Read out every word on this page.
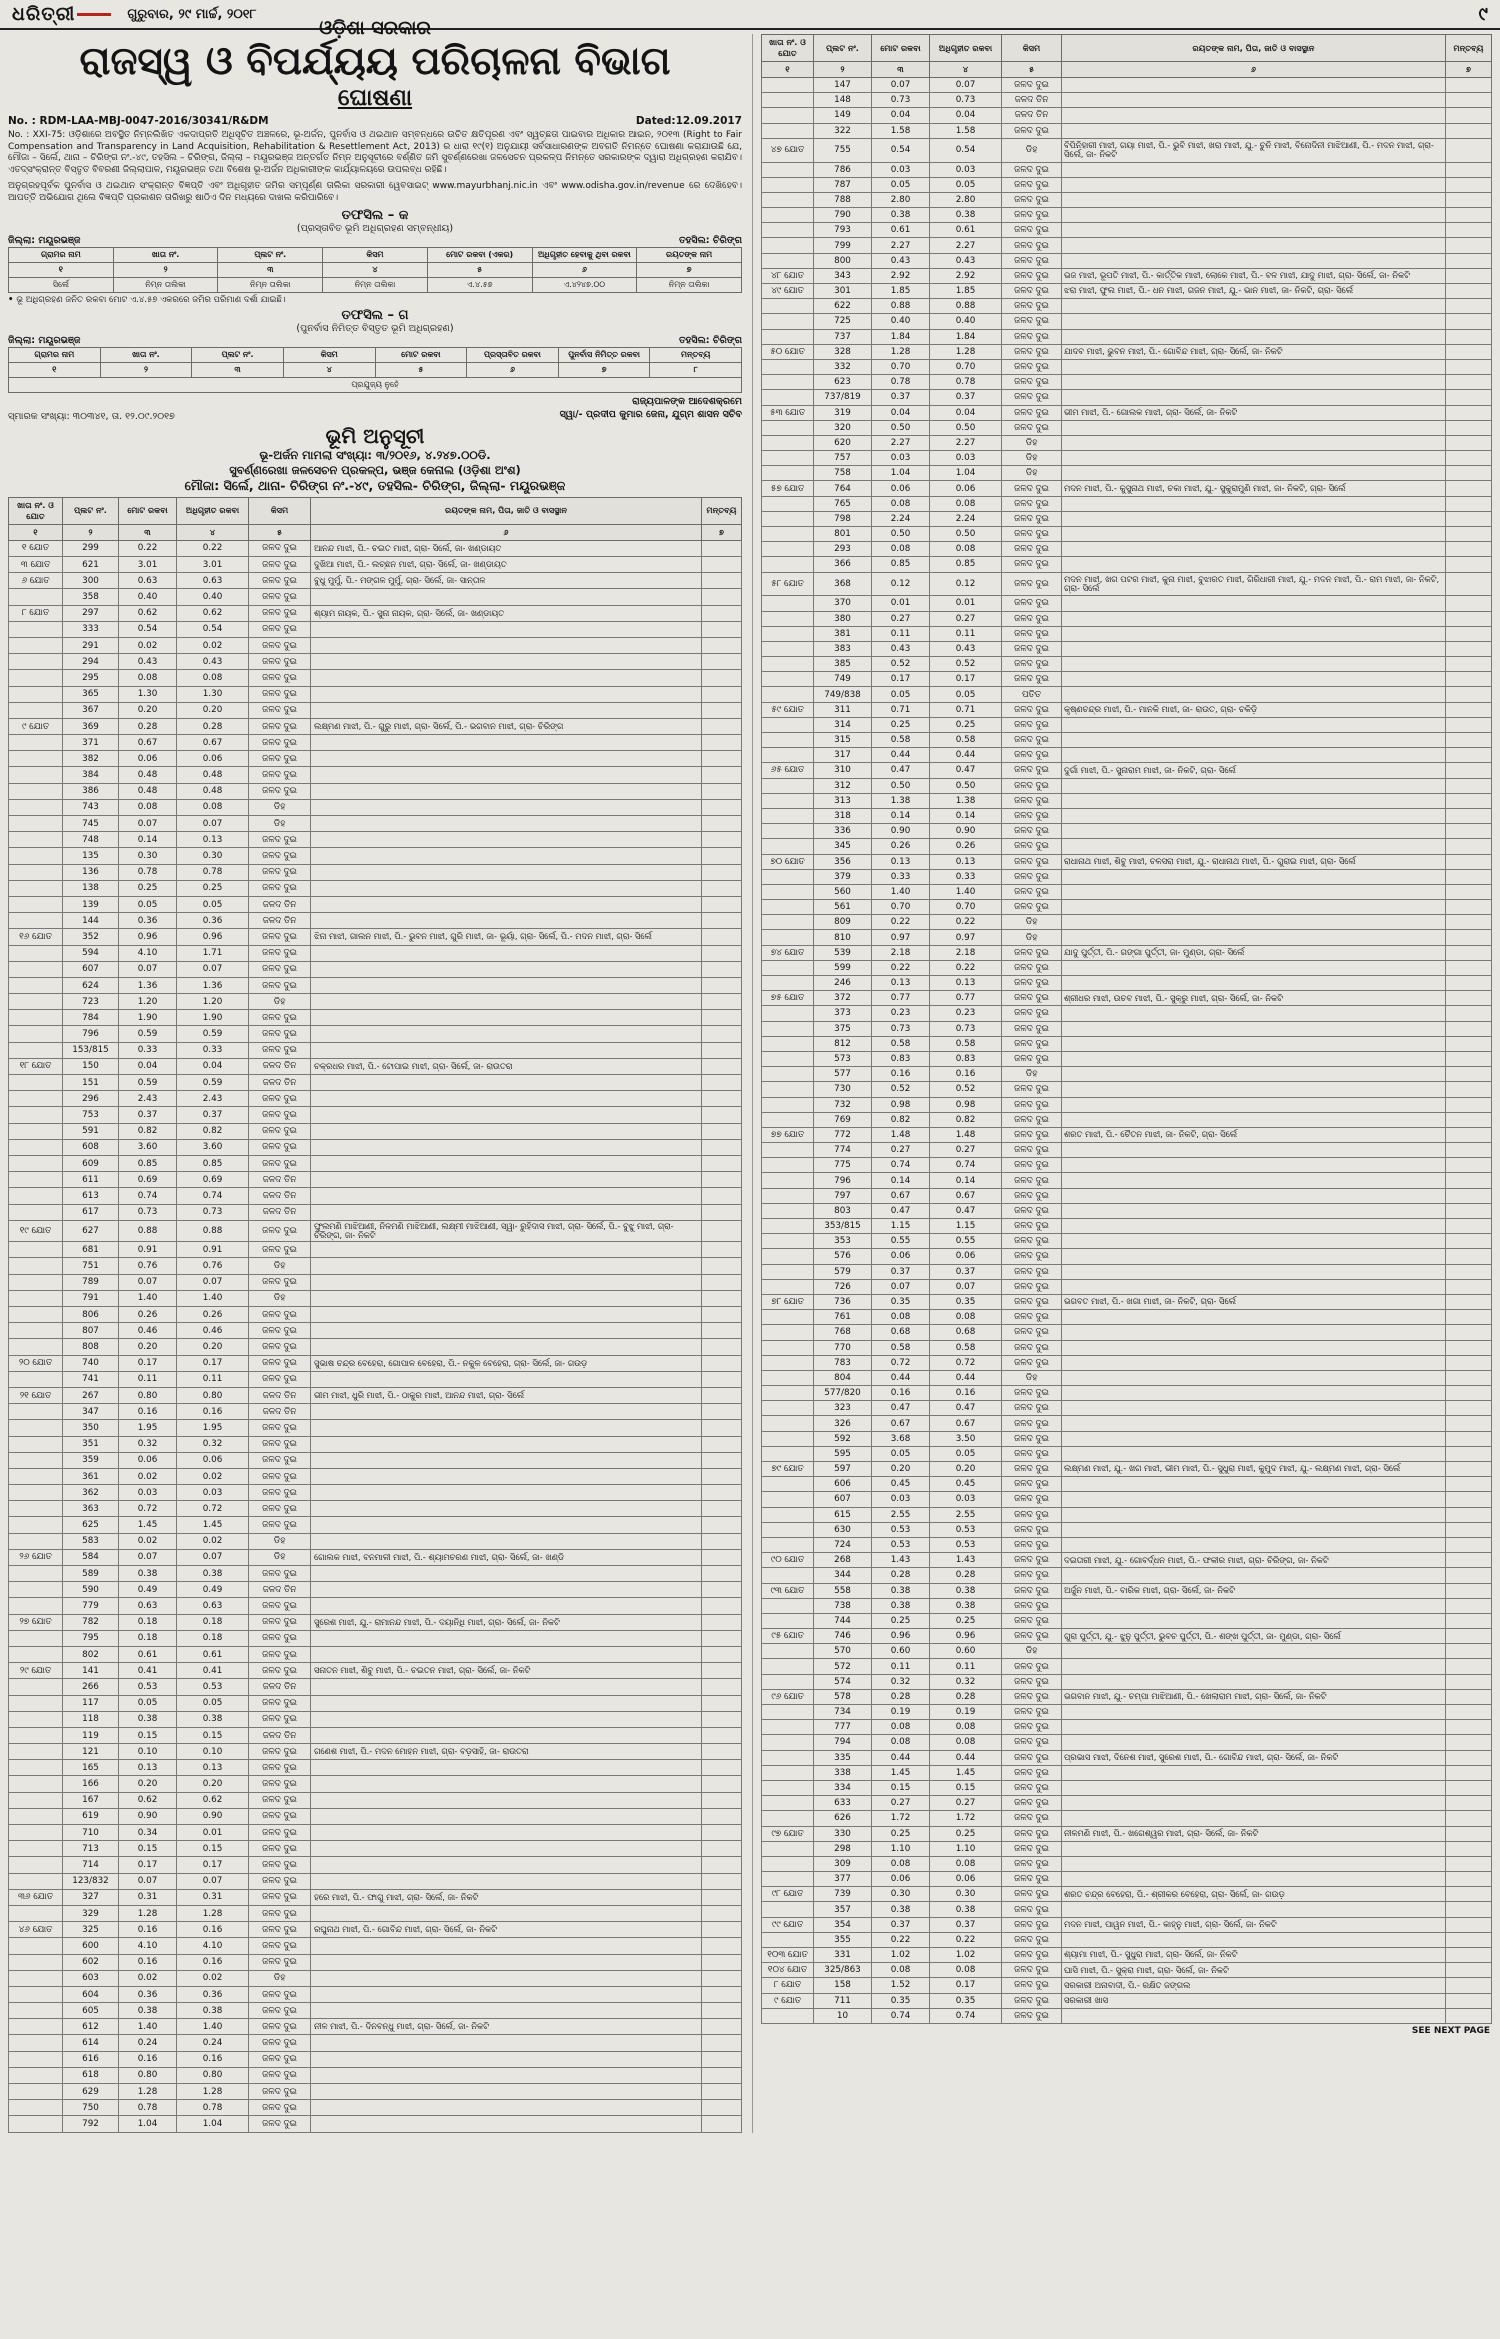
ଧରିତ୍ରୀ	ଗୁରୁବାର, ୨୯ ମାର୍ଚ୍ଚ, ୨୦୧୮	୯
ଓଡ଼ିଶା ସରକାର
ରାଜସ୍ୱ ଓ ବିପର୍ଯ୍ୟୟ ପରିଚାଳନା ବିଭାଗ
ଘୋଷଣା
No. : RDM-LAA-MBJ-0047-2016/30341/R&DM	Dated:12.09.2017

No. : XXI-75: ଓଡ଼ିଶାରେ ଅବସ୍ଥିତ ନିମ୍ନଲିଖିତ ଏକଦାପ୍ରତି ଅଧିସୂଚିତ ଅଞ୍ଚଳରେ, ଭୂ-ଅର୍ଜନ, ପୁନର୍ବାସ ଓ ଥଇଥାନ ସମ୍ବନ୍ଧରେ ଉଚିତ କ୍ଷତିପୂରଣ ଏବଂ ସ୍ୱଚ୍ଛତା ପାଇବାର ଅଧିକାର ଆଇନ, ୨୦୧୩ (Right to Fair Compensation and Transparency in Land Acquisition, Rehabilitation & Resettlement Act, 2013) ର ଧାରା ୧୯(୧) ଅନୁଯାୟୀ ସର୍ବସାଧାରଣଙ୍କ ଅବଗତି ନିମନ୍ତେ ଘୋଷଣା କରାଯାଉଛି ଯେ, ମୌଜା – ସିର୍ଲେ, ଥାନା – ଚିରିଙ୍ଗ ନଂ.-୪୯, ତହସିଲ – ଚିରିଙ୍ଗ, ଜିଲ୍ଲା – ମୟୂରଭଞ୍ଜ ଅନ୍ତର୍ଗତ ନିମ୍ନ ଅନୁସୂଚୀରେ ବର୍ଣ୍ଣିତ ଜମି ସୁବର୍ଣ୍ଣରେଖା ଜଳସେଚନ ପ୍ରକଳ୍ପ ନିମନ୍ତେ ସରକାରଙ୍କ ଦ୍ୱାରା ଅଧିଗ୍ରହଣ କରାଯିବ। ଏତଦ୍‌ସଂକ୍ରାନ୍ତ ବିସ୍ତୃତ ବିବରଣୀ ଜିଲ୍ଲାପାଳ, ମୟୂରଭଞ୍ଜ ତଥା ବିଶେଷ ଭୂ-ଅର୍ଜନ ଅଧିକାରୀଙ୍କ କାର୍ଯ୍ୟାଳୟରେ ଉପଲବ୍ଧ ରହିଛି।

ଅନୁଗ୍ରହପୂର୍ବକ ପୁନର୍ବାସ ଓ ଥଇଥାନ ସଂକ୍ରାନ୍ତ ବିଜ୍ଞପ୍ତି ଏବଂ ଅଧିଗୃହୀତ ଜମିର ସମ୍ପୂର୍ଣ୍ଣ ତାଲିକା ସରକାରୀ ୱେବସାଇଟ୍ www.mayurbhanj.nic.in ଏବଂ www.odisha.gov.in/revenue ରେ ଦେଖିହେବ। ଆପତ୍ତି ଅଭିଯୋଗ ଥିଲେ ବିଜ୍ଞପ୍ତି ପ୍ରକାଶନ ତାରିଖରୁ ଷାଠିଏ ଦିନ ମଧ୍ୟରେ ଦାଖଲ କରିପାରିବେ।

ତଫସିଲ – କ
(ପ୍ରସ୍ତାବିତ ଭୂମି ଅଧିଗ୍ରହଣ ସମ୍ବନ୍ଧୀୟ)
ଜିଲ୍ଲା: ମୟୂରଭଞ୍ଜ	ତହସିଲ: ଚିରିଙ୍ଗ
ଗ୍ରାମର ନାମ	ଖାତା ନଂ.	ପ୍ଲଟ ନଂ.	କିସମ	ମୋଟ ରକବା (ଏକର)	ଅଧିଗୃହୀତ ହେବାକୁ ଥିବା ରକବା	ରୟତଙ୍କ ନାମ
୧	୨	୩	୪	୫	୬	୭
ସିର୍ଲେ	ନିମ୍ନ ତାଲିକା	ନିମ୍ନ ତାଲିକା	ନିମ୍ନ ତାଲିକା	ଏ.୪.୫୭	ଏ.୪୨୪୭.୦୦	ନିମ୍ନ ତାଲିକା
• ଭୂ ଅଧିଗ୍ରହଣ ଜନିତ ରକବା ମୋଟ ଏ.୪.୫୭ ଏକରରେ ଜମିର ପରିମାଣ ଦର୍ଶା ଯାଇଛି।
ତଫସିଲ – ଗ
(ପୁନର୍ବାସ ନିମିତ୍ତ ବିସ୍ତୃତ ଭୂମି ଅଧିଗ୍ରହଣ)
ଜିଲ୍ଲା: ମୟୂରଭଞ୍ଜ	ତହସିଲ: ଚିରିଙ୍ଗ
ଗ୍ରାମର ନାମ	ଖାତା ନଂ.	ପ୍ଲଟ ନଂ.	କିସମ	ମୋଟ ରକବା	ପ୍ରସ୍ତାବିତ ରକବା	ପୁନର୍ବାସ ନିମିତ୍ତ ରକବା	ମନ୍ତବ୍ୟ
୧	୨	୩	୪	୫	୬	୭	୮
ପ୍ରଯୁଜ୍ୟ ନୁହେଁ							
ସ୍ମାରକ ସଂଖ୍ୟା: ୩୦୩୪୧, ତା. ୧୨.୦୯.୨୦୧୭
ରାଜ୍ୟପାଳଙ୍କ ଆଦେଶକ୍ରମେ
ସ୍ୱା/- ପ୍ରଦୀପ କୁମାର ଜେନା, ଯୁଗ୍ମ ଶାସନ ସଚିବ
ଭୂମି ଅନୁସୂଚୀ
ଭୂ-ଅର୍ଜନ ମାମଲା ସଂଖ୍ୟା: ୩/୨୦୧୬, ୪.୨୪୭.୦୦ଡି.
ସୁବର୍ଣ୍ଣରେଖା ଜଳସେଚନ ପ୍ରକଳ୍ପ, ଭଞ୍ଜ କେନାଲ (ଓଡ଼ିଶା ଅଂଶ)
ମୌଜା: ସିର୍ଲେ, ଥାନା- ଚିରିଙ୍ଗ ନଂ.-୪୯, ତହସିଲ- ଚିରିଙ୍ଗ, ଜିଲ୍ଲା- ମୟୂରଭଞ୍ଜ
ଖାତା ନଂ. ଓ ଯୋତ	ପ୍ଲଟ ନଂ.	ମୋଟ ରକବା	ଅଧିଗୃହୀତ ରକବା	କିସମ	ରୟତଙ୍କ ନାମ, ପିତା, ଜାତି ଓ ବାସସ୍ଥାନ	ମନ୍ତବ୍ୟ
୧	୨	୩	୪	୫	୬	୭
୧ ଯୋତ	299	0.22	0.22	ଜଳଦ ଦୁଇ	ଆନନ୍ଦ ମାଝୀ, ପି.- ଚଇତ ମାଝୀ, ଗ୍ରା- ସିର୍ଲେ, ଜା- ଖଣ୍ଡାୟତ	
୩ ଯୋତ	621	3.01	3.01	ଜଳଦ ଦୁଇ	ଦୁଖିଆ ମାଝୀ, ପି.- ଲଚ୍ଛନ ମାଝୀ, ଗ୍ରା- ସିର୍ଲେ, ଜା- ଖଣ୍ଡାୟତ	
୬ ଯୋତ	300	0.63	0.63	ଜଳଦ ଦୁଇ	ବୁଧୁ ମୁର୍ମୁ, ପି.- ମଙ୍ଗଳ ମୁର୍ମୁ, ଗ୍ରା- ସିର୍ଲେ, ଜା- ସାନ୍ତାଳ	
	358	0.40	0.40	ଜଳଦ ଦୁଇ		
୮ ଯୋତ	297	0.62	0.62	ଜଳଦ ଦୁଇ	ଶ୍ୟାମ ନାୟକ, ପି.- ସୁନା ନାୟକ, ଗ୍ରା- ସିର୍ଲେ, ଜା- ଖଣ୍ଡାୟତ	
	333	0.54	0.54	ଜଳଦ ଦୁଇ		
	291	0.02	0.02	ଜଳଦ ଦୁଇ		
	294	0.43	0.43	ଜଳଦ ଦୁଇ		
	295	0.08	0.08	ଜଳଦ ଦୁଇ		
	365	1.30	1.30	ଜଳଦ ଦୁଇ		
	367	0.20	0.20	ଜଳଦ ଦୁଇ		
୯ ଯୋତ	369	0.28	0.28	ଜଳଦ ଦୁଇ	ଲକ୍ଷ୍ମଣ ମାଝୀ, ପି.- ଗୁରୁ ମାଝୀ, ଗ୍ରା- ସିର୍ଲେ, ପି.- ଭଗବାନ ମାଝୀ, ଗ୍ରା- ଚିରିଙ୍ଗ	
	371	0.67	0.67	ଜଳଦ ଦୁଇ		
	382	0.06	0.06	ଜଳଦ ଦୁଇ		
	384	0.48	0.48	ଜଳଦ ଦୁଇ		
	386	0.48	0.48	ଜଳଦ ଦୁଇ		
	743	0.08	0.08	ଡିହ		
	745	0.07	0.07	ଡିହ		
	748	0.14	0.13	ଜଳଦ ଦୁଇ		
	135	0.30	0.30	ଜଳଦ ଦୁଇ		
	136	0.78	0.78	ଜଳଦ ଦୁଇ		
	138	0.25	0.25	ଜଳଦ ଦୁଇ		
	139	0.05	0.05	ଜଳଦ ତିନ		
	144	0.36	0.36	ଜଳଦ ତିନ		
୧୬ ଯୋତ	352	0.96	0.96	ଜଳଦ ଦୁଇ	ଝିନା ମାଝୀ, ଗାଲନ ମାଝୀ, ପି.- ଭୁବନ ମାଝୀ, ଗୁରି ମାଝୀ, ଜା- ଭୂୟାଁ, ଗ୍ରା- ସିର୍ଲେ, ପି.- ମଦନ ମାଝୀ, ଗ୍ରା- ସିର୍ଲେ	
	594	4.10	1.71	ଜଳଦ ଦୁଇ		
	607	0.07	0.07	ଜଳଦ ଦୁଇ		
	624	1.36	1.36	ଜଳଦ ଦୁଇ		
	723	1.20	1.20	ଡିହ		
	784	1.90	1.90	ଜଳଦ ଦୁଇ		
	796	0.59	0.59	ଜଳଦ ଦୁଇ		
	153/815	0.33	0.33	ଜଳଦ ଦୁଇ		
୧୮ ଯୋତ	150	0.04	0.04	ଜଳଦ ତିନ	ଚକ୍ରଧର ମାଝୀ, ପି.- ଟୋପାଇ ମାଝୀ, ଗ୍ରା- ସିର୍ଲେ, ଜା- ରାଉତରା	
	151	0.59	0.59	ଜଳଦ ତିନ		
	296	2.43	2.43	ଜଳଦ ଦୁଇ		
	753	0.37	0.37	ଜଳଦ ଦୁଇ		
	591	0.82	0.82	ଜଳଦ ଦୁଇ		
	608	3.60	3.60	ଜଳଦ ଦୁଇ		
	609	0.85	0.85	ଜଳଦ ଦୁଇ		
	611	0.69	0.69	ଜଳଦ ତିନ		
	613	0.74	0.74	ଜଳଦ ତିନ		
	617	0.73	0.73	ଜଳଦ ତିନ		
୧୯ ଯୋତ	627	0.88	0.88	ଜଳଦ ଦୁଇ	ଫୁଲମଣି ମାଝିଆଣୀ, ନିଳମଣି ମାଝିଆଣୀ, ଲକ୍ଷ୍ମୀ ମାଝିଆଣୀ, ସ୍ୱା- ରୁହିଦାସ ମାଝୀ, ଗ୍ରା- ସିର୍ଲେ, ପି.- ବୁଝୁ ମାଝୀ, ଗ୍ରା- ଚିରିଙ୍ଗ, ଜା- ନିକଟି	
	681	0.91	0.91	ଜଳଦ ଦୁଇ		
	751	0.76	0.76	ଡିହ		
	789	0.07	0.07	ଜଳଦ ଦୁଇ		
	791	1.40	1.40	ଡିହ		
	806	0.26	0.26	ଜଳଦ ଦୁଇ		
	807	0.46	0.46	ଜଳଦ ଦୁଇ		
	808	0.20	0.20	ଜଳଦ ଦୁଇ		
୨୦ ଯୋତ	740	0.17	0.17	ଜଳଦ ଦୁଇ	ସୁଭାଷ ଚନ୍ଦ୍ର ବେହେରା, ଗୋପାଳ ବେହେରା, ପି.- ନକୁଳ ବେହେରା, ଗ୍ରା- ସିର୍ଲେ, ଜା- ଗଉଡ଼	
	741	0.11	0.11	ଜଳଦ ଦୁଇ		
୨୧ ଯୋତ	267	0.80	0.80	ଜଳଦ ତିନ	ଭୀମ ମାଝୀ, ଧୁରି ମାଝୀ, ପି.- ଠାକୁର ମାଝୀ, ଆନନ୍ଦ ମାଝୀ, ଗ୍ରା- ସିର୍ଲେ	
	347	0.16	0.16	ଜଳଦ ତିନ		
	350	1.95	1.95	ଜଳଦ ଦୁଇ		
	351	0.32	0.32	ଜଳଦ ଦୁଇ		
	359	0.06	0.06	ଜଳଦ ଦୁଇ		
	361	0.02	0.02	ଜଳଦ ଦୁଇ		
	362	0.03	0.03	ଜଳଦ ଦୁଇ		
	363	0.72	0.72	ଜଳଦ ଦୁଇ		
	625	1.45	1.45	ଜଳଦ ଦୁଇ		
	583	0.02	0.02	ଡିହ		
୨୬ ଯୋତ	584	0.07	0.07	ଡିହ	ଗୋଲକ ମାଝୀ, ବନମାଳୀ ମାଝୀ, ପି.- ଶ୍ୟାମଚରଣ ମାଝୀ, ଗ୍ରା- ସିର୍ଲେ, ଜା- ଖଣ୍ଡି	
	589	0.38	0.38	ଜଳଦ ଦୁଇ		
	590	0.49	0.49	ଜଳଦ ତିନ		
	779	0.63	0.63	ଜଳଦ ଦୁଇ		
୨୭ ଯୋତ	782	0.18	0.18	ଜଳଦ ଦୁଇ	ସୁରେଶ ମାଝୀ, ଯୁ.- ରାମାନନ୍ଦ ମାଝୀ, ପି.- ଦୟାନିଧି ମାଝୀ, ଗ୍ରା- ସିର୍ଲେ, ଜା- ନିକଟି	
	795	0.18	0.18	ଜଳଦ ଦୁଇ		
	802	0.61	0.61	ଜଳଦ ଦୁଇ		
୨୯ ଯୋତ	141	0.41	0.41	ଜଳଦ ଦୁଇ	ସନାତନ ମାଝୀ, ଶିବୁ ମାଝୀ, ପି.- ଚଇତନ ମାଝୀ, ଗ୍ରା- ସିର୍ଲେ, ଜା- ନିକଟି	
	266	0.53	0.53	ଜଳଦ ତିନ		
	117	0.05	0.05	ଜଳଦ ଦୁଇ		
	118	0.38	0.38	ଜଳଦ ଦୁଇ		
	119	0.15	0.15	ଜଳଦ ତିନ		
	121	0.10	0.10	ଜଳଦ ଦୁଇ	ଗଣେଶ ମାଝୀ, ପି.- ମଦନ ମୋହନ ମାଝୀ, ଗ୍ରା- ବଡ଼ସାହି, ଜା- ରାଉତରା	
	165	0.13	0.13	ଜଳଦ ଦୁଇ		
	166	0.20	0.20	ଜଳଦ ଦୁଇ		
	167	0.62	0.62	ଜଳଦ ଦୁଇ		
	619	0.90	0.90	ଜଳଦ ଦୁଇ		
	710	0.34	0.01	ଜଳଦ ଦୁଇ		
	713	0.15	0.15	ଜଳଦ ଦୁଇ		
	714	0.17	0.17	ଜଳଦ ଦୁଇ		
	123/832	0.07	0.07	ଜଳଦ ଦୁଇ		
୩୬ ଯୋତ	327	0.31	0.31	ଜଳଦ ଦୁଇ	ହରେ ମାଝୀ, ପି.- ଫାଗୁ ମାଝୀ, ଗ୍ରା- ସିର୍ଲେ, ଜା- ନିକଟି	
	329	1.28	1.28	ଜଳଦ ଦୁଇ		
୪୬ ଯୋତ	325	0.16	0.16	ଜଳଦ ଦୁଇ	ରଘୁନାଥ ମାଝୀ, ପି.- ଗୋବିନ୍ଦ ମାଝୀ, ଗ୍ରା- ସିର୍ଲେ, ଜା- ନିକଟି	
	600	4.10	4.10	ଜଳଦ ଦୁଇ		
	602	0.16	0.16	ଜଳଦ ଦୁଇ		
	603	0.02	0.02	ଡିହ		
	604	0.36	0.36	ଜଳଦ ଦୁଇ		
	605	0.38	0.38	ଜଳଦ ଦୁଇ		
	612	1.40	1.40	ଜଳଦ ଦୁଇ	ନୀଳ ମାଝୀ, ପି.- ଦିନବନ୍ଧୁ ମାଝୀ, ଗ୍ରା- ସିର୍ଲେ, ଜା- ନିକଟି	
	614	0.24	0.24	ଜଳଦ ଦୁଇ		
	616	0.16	0.16	ଜଳଦ ଦୁଇ		
	618	0.80	0.80	ଜଳଦ ଦୁଇ		
	629	1.28	1.28	ଜଳଦ ଦୁଇ		
	750	0.78	0.78	ଜଳଦ ଦୁଇ		
	792	1.04	1.04	ଜଳଦ ଦୁଇ		
ଖାତା ନଂ. ଓ ଯୋତ	ପ୍ଲଟ ନଂ.	ମୋଟ ରକବା	ଅଧିଗୃହୀତ ରକବା	କିସମ	ରୟତଙ୍କ ନାମ, ପିତା, ଜାତି ଓ ବାସସ୍ଥାନ	ମନ୍ତବ୍ୟ
୧	୨	୩	୪	୫	୬	୭
	147	0.07	0.07	ଜଳଦ ଦୁଇ		
	148	0.73	0.73	ଜଳଦ ତିନ		
	149	0.04	0.04	ଜଳଦ ତିନ		
	322	1.58	1.58	ଜଳଦ ଦୁଇ		
୪୭ ଯୋତ	755	0.54	0.54	ଡିହ	ବିପିନିହାରୀ ମାଝୀ, ଗୟା ମାଝୀ, ପି.- ଭୁବି ମାଝୀ, ଖରା ମାଝୀ, ଯୁ.- ଚୁନି ମାଝୀ, ବିନୋଦିନୀ ମାଝିଆଣୀ, ପି.- ମଦନ ମାଝୀ, ଗ୍ରା- ସିର୍ଲେ, ଜା- ନିକଟି	
	786	0.03	0.03	ଜଳଦ ଦୁଇ		
	787	0.05	0.05	ଜଳଦ ଦୁଇ		
	788	2.80	2.80	ଜଳଦ ଦୁଇ		
	790	0.38	0.38	ଜଳଦ ଦୁଇ		
	793	0.61	0.61	ଜଳଦ ଦୁଇ		
	799	2.27	2.27	ଜଳଦ ଦୁଇ		
	800	0.43	0.43	ଜଳଦ ଦୁଇ		
୪୮ ଯୋତ	343	2.92	2.92	ଜଳଦ ଦୁଇ	ଭଜ ମାଝୀ, ଭୂପତି ମାଝୀ, ପି.- କାର୍ତ୍ତିକ ମାଝୀ, ଲୋକେ ମାଝୀ, ପି.- ବଳ ମାଝୀ, ଯାଦୁ ମାଝୀ, ଗ୍ରା- ସିର୍ଲେ, ଜା- ନିକଟି	
୪୯ ଯୋତ	301	1.85	1.85	ଜଳଦ ଦୁଇ	ଝରା ମାଝୀ, ଫୁଲ ମାଝୀ, ପି.- ଧନ ମାଝୀ, ଗଜନ ମାଝୀ, ଯୁ.- ଭାନ ମାଝୀ, ଜା- ନିକଟି, ଗ୍ରା- ସିର୍ଲେ	
	622	0.88	0.88	ଜଳଦ ଦୁଇ		
	725	0.40	0.40	ଜଳଦ ଦୁଇ		
	737	1.84	1.84	ଜଳଦ ଦୁଇ		
୫୦ ଯୋତ	328	1.28	1.28	ଜଳଦ ଦୁଇ	ଯାଦବ ମାଝୀ, ଭୁବନ ମାଝୀ, ପି.- ଗୋବିନ୍ଦ ମାଝୀ, ଗ୍ରା- ସିର୍ଲେ, ଜା- ନିକଟି	
	332	0.70	0.70	ଜଳଦ ଦୁଇ		
	623	0.78	0.78	ଜଳଦ ଦୁଇ		
	737/819	0.37	0.37	ଜଳଦ ଦୁଇ		
୫୩ ଯୋତ	319	0.04	0.04	ଜଳଦ ଦୁଇ	ଭୀମ ମାଝୀ, ପି.- ଗୋଲକ ମାଝୀ, ଗ୍ରା- ସିର୍ଲେ, ଜା- ନିକଟି	
	320	0.50	0.50	ଜଳଦ ଦୁଇ		
	620	2.27	2.27	ଡିହ		
	757	0.03	0.03	ଡିହ		
	758	1.04	1.04	ଡିହ		
୫୭ ଯୋତ	764	0.06	0.06	ଜଳଦ ଦୁଇ	ମଦନ ମାଝୀ, ପି.- କୁସୁନାଥ ମାଝୀ, ଚକା ମାଝୀ, ଯୁ.- ସୁକୁରାମୁଣି ମାଝୀ, ଜା- ନିକଟି, ଗ୍ରା- ସିର୍ଲେ	
	765	0.08	0.08	ଜଳଦ ଦୁଇ		
	798	2.24	2.24	ଜଳଦ ଦୁଇ		
	801	0.50	0.50	ଜଳଦ ଦୁଇ		
	293	0.08	0.08	ଜଳଦ ଦୁଇ		
	366	0.85	0.85	ଜଳଦ ଦୁଇ		
୫୮ ଯୋତ	368	0.12	0.12	ଜଳଦ ଦୁଇ	ମଦନ ମାଝୀ, ଖଗ ପଟର ମାଝୀ, କୁନା ମାଝୀ, ବୁଝାରତ ମାଝୀ, ଗିରିଧାରୀ ମାଝୀ, ଯୁ.- ମଦନ ମାଝୀ, ପି.- ରାମ ମାଝୀ, ଜା- ନିକଟି, ଗ୍ରା- ସିର୍ଲେ	
	370	0.01	0.01	ଜଳଦ ଦୁଇ		
	380	0.27	0.27	ଜଳଦ ଦୁଇ		
	381	0.11	0.11	ଜଳଦ ଦୁଇ		
	383	0.43	0.43	ଜଳଦ ଦୁଇ		
	385	0.52	0.52	ଜଳଦ ଦୁଇ		
	749	0.17	0.17	ଜଳଦ ଦୁଇ		
	749/838	0.05	0.05	ପତିତ		
୫୯ ଯୋତ	311	0.71	0.71	ଜଳଦ ଦୁଇ	କୃଷ୍ଣଚନ୍ଦ୍ର ମାଝୀ, ପି.- ମାନକି ମାଝୀ, ଜା- ରାଉତ, ଗ୍ରା- ଚକିଡ଼ି	
	314	0.25	0.25	ଜଳଦ ଦୁଇ		
	315	0.58	0.58	ଜଳଦ ଦୁଇ		
	317	0.44	0.44	ଜଳଦ ଦୁଇ		
୬୫ ଯୋତ	310	0.47	0.47	ଜଳଦ ଦୁଇ	ଦୁର୍ଗା ମାଝୀ, ପି.- ସୁନାରାମ ମାଝୀ, ଜା- ନିକଟି, ଗ୍ରା- ସିର୍ଲେ	
	312	0.50	0.50	ଜଳଦ ଦୁଇ		
	313	1.38	1.38	ଜଳଦ ଦୁଇ		
	318	0.14	0.14	ଜଳଦ ଦୁଇ		
	336	0.90	0.90	ଜଳଦ ଦୁଇ		
	345	0.26	0.26	ଜଳଦ ଦୁଇ		
୭୦ ଯୋତ	356	0.13	0.13	ଜଳଦ ଦୁଇ	ରାଧାନାଥ ମାଝୀ, ଶିବୁ ମାଝୀ, ଚଳସରା ମାଝୀ, ଯୁ.- ରାଧାନାଥ ମାଝୀ, ପି.- ଗୁରାଇ ମାଝୀ, ଗ୍ରା- ସିର୍ଲେ	
	379	0.33	0.33	ଜଳଦ ଦୁଇ		
	560	1.40	1.40	ଜଳଦ ଦୁଇ		
	561	0.70	0.70	ଜଳଦ ଦୁଇ		
	809	0.22	0.22	ଡିହ		
	810	0.97	0.97	ଡିହ		
୭୪ ଯୋତ	539	2.18	2.18	ଜଳଦ ଦୁଇ	ଯାଦୁ ପୁର୍ତ୍ତୀ, ପି.- ଗଙ୍ଗା ପୁର୍ତ୍ତୀ, ଜା- ମୁଣ୍ଡା, ଗ୍ରା- ସିର୍ଲେ	
	599	0.22	0.22	ଜଳଦ ଦୁଇ		
	246	0.13	0.13	ଜଳଦ ଦୁଇ		
୭୫ ଯୋତ	372	0.77	0.77	ଜଳଦ ଦୁଇ	ଶ୍ରୀଧର ମାଝୀ, ଉଚବ ମାଝୀ, ପି.- ସୁକ୍ରୁ ମାଝୀ, ଗ୍ରା- ସିର୍ଲେ, ଜା- ନିକଟି	
	373	0.23	0.23	ଜଳଦ ଦୁଇ		
	375	0.73	0.73	ଜଳଦ ଦୁଇ		
	812	0.58	0.58	ଜଳଦ ଦୁଇ		
	573	0.83	0.83	ଜଳଦ ଦୁଇ		
	577	0.16	0.16	ଡିହ		
	730	0.52	0.52	ଜଳଦ ଦୁଇ		
	732	0.98	0.98	ଜଳଦ ଦୁଇ		
	769	0.82	0.82	ଜଳଦ ଦୁଇ		
୭୭ ଯୋତ	772	1.48	1.48	ଜଳଦ ଦୁଇ	ଶରତ ମାଝୀ, ପି.- ଚୈତନ ମାଝୀ, ଜା- ନିକଟି, ଗ୍ରା- ସିର୍ଲେ	
	774	0.27	0.27	ଜଳଦ ଦୁଇ		
	775	0.74	0.74	ଜଳଦ ଦୁଇ		
	796	0.14	0.14	ଜଳଦ ଦୁଇ		
	797	0.67	0.67	ଜଳଦ ଦୁଇ		
	803	0.47	0.47	ଜଳଦ ଦୁଇ		
	353/815	1.15	1.15	ଜଳଦ ଦୁଇ		
	353	0.55	0.55	ଜଳଦ ଦୁଇ		
	576	0.06	0.06	ଜଳଦ ଦୁଇ		
	579	0.37	0.37	ଜଳଦ ଦୁଇ		
	726	0.07	0.07	ଜଳଦ ଦୁଇ		
୭୮ ଯୋତ	736	0.35	0.35	ଜଳଦ ଦୁଇ	ଭଗବତ ମାଝୀ, ପି.- ଖଗା ମାଝୀ, ଜା- ନିକଟି, ଗ୍ରା- ସିର୍ଲେ	
	761	0.08	0.08	ଜଳଦ ଦୁଇ		
	768	0.68	0.68	ଜଳଦ ଦୁଇ		
	770	0.58	0.58	ଜଳଦ ଦୁଇ		
	783	0.72	0.72	ଜଳଦ ଦୁଇ		
	804	0.44	0.44	ଡିହ		
	577/820	0.16	0.16	ଜଳଦ ଦୁଇ		
	323	0.47	0.47	ଜଳଦ ଦୁଇ		
	326	0.67	0.67	ଜଳଦ ଦୁଇ		
	592	3.68	3.50	ଜଳଦ ଦୁଇ		
	595	0.05	0.05	ଜଳଦ ଦୁଇ		
୭୯ ଯୋତ	597	0.20	0.20	ଜଳଦ ଦୁଇ	ଲକ୍ଷ୍ମଣ ମାଝୀ, ଯୁ.- ଖଗ ମାଝୀ, ଭୀମ ମାଝୀ, ପି.- ସୁଧୁରା ମାଝୀ, କୁମୁଦ ମାଝୀ, ଯୁ.- ଲକ୍ଷ୍ମଣ ମାଝୀ, ଗ୍ରା- ସିର୍ଲେ	
	606	0.45	0.45	ଜଳଦ ଦୁଇ		
	607	0.03	0.03	ଜଳଦ ଦୁଇ		
	615	2.55	2.55	ଜଳଦ ଦୁଇ		
	630	0.53	0.53	ଜଳଦ ଦୁଇ		
	724	0.53	0.53	ଜଳଦ ଦୁଇ		
୯୦ ଯୋତ	268	1.43	1.43	ଜଳଦ ଦୁଇ	ଦଇତାରୀ ମାଝୀ, ଯୁ.- ଗୋବର୍ଦ୍ଧନ ମାଝୀ, ପି.- ଫକୀର ମାଝୀ, ଗ୍ରା- ଚିରିଙ୍ଗ, ଜା- ନିକଟି	
	344	0.28	0.28	ଜଳଦ ଦୁଇ		
୯୩ ଯୋତ	558	0.38	0.38	ଜଳଦ ଦୁଇ	ଅର୍ଜୁନ ମାଝୀ, ପି.- ବାରିକ ମାଝୀ, ଗ୍ରା- ସିର୍ଲେ, ଜା- ନିକଟି	
	738	0.38	0.38	ଜଳଦ ଦୁଇ		
	744	0.25	0.25	ଜଳଦ ଦୁଇ		
୯୫ ଯୋତ	746	0.96	0.96	ଜଳଦ ଦୁଇ	ଗୁରା ପୁର୍ତ୍ତୀ, ଯୁ.- ଝୁନୁ ପୁର୍ତ୍ତୀ, ଭୁବଚ ପୁର୍ତ୍ତୀ, ପି.- ଶଙ୍ଖ ପୁର୍ତ୍ତୀ, ଜା- ମୁଣ୍ଡା, ଗ୍ରା- ସିର୍ଲେ	
	570	0.60	0.60	ଡିହ		
	572	0.11	0.11	ଜଳଦ ଦୁଇ		
	574	0.32	0.32	ଜଳଦ ଦୁଇ		
୯୬ ଯୋତ	578	0.28	0.28	ଜଳଦ ଦୁଇ	ଭଗବାନ ମାଝୀ, ଯୁ.- ଚମ୍ପା ମାଝିଆଣୀ, ପି.- ଖେଲାରାମ ମାଝୀ, ଗ୍ରା- ସିର୍ଲେ, ଜା- ନିକଟି	
	734	0.19	0.19	ଜଳଦ ଦୁଇ		
	777	0.08	0.08	ଜଳଦ ଦୁଇ		
	794	0.08	0.08	ଜଳଦ ଦୁଇ		
	335	0.44	0.44	ଜଳଦ ଦୁଇ	ପ୍ରଭାସ ମାଝୀ, ଦିନେଶ ମାଝୀ, ସୁରେଶ ମାଝୀ, ପି.- ଗୋବିନ୍ଦ ମାଝୀ, ଗ୍ରା- ସିର୍ଲେ, ଜା- ନିକଟି	
	338	1.45	1.45	ଜଳଦ ଦୁଇ		
	334	0.15	0.15	ଜଳଦ ଦୁଇ		
	633	0.27	0.27	ଜଳଦ ଦୁଇ		
	626	1.72	1.72	ଜଳଦ ଦୁଇ		
୯୭ ଯୋତ	330	0.25	0.25	ଜଳଦ ଦୁଇ	ନୀଳମଣି ମାଝୀ, ପି.- ଖଗେଶ୍ୱର ମାଝୀ, ଗ୍ରା- ସିର୍ଲେ, ଜା- ନିକଟି	
	298	1.10	1.10	ଜଳଦ ଦୁଇ		
	309	0.08	0.08	ଜଳଦ ଦୁଇ		
	377	0.06	0.06	ଜଳଦ ଦୁଇ		
୯୮ ଯୋତ	739	0.30	0.30	ଜଳଦ ଦୁଇ	ଶରତ ଚନ୍ଦ୍ର ବେହେରା, ପି.- ଶ୍ରୀକର ବେହେରା, ଗ୍ରା- ସିର୍ଲେ, ଜା- ଗଉଡ଼	
	357	0.38	0.38	ଜଳଦ ଦୁଇ		
୯୯ ଯୋତ	354	0.37	0.37	ଜଳଦ ଦୁଇ	ମଦନ ମାଝୀ, ପାୱନ ମାଝୀ, ପି.- କାହ୍ନୁ ମାଝୀ, ଗ୍ରା- ସିର୍ଲେ, ଜା- ନିକଟି	
	355	0.22	0.22	ଜଳଦ ଦୁଇ		
୧୦୩ ଯୋତ	331	1.02	1.02	ଜଳଦ ଦୁଇ	ଶ୍ୟାମା ମାଝୀ, ପି.- ସୁଧୁରା ମାଝୀ, ଗ୍ରା- ସିର୍ଲେ, ଜା- ନିକଟି	
୧୦୪ ଯୋତ	325/863	0.08	0.08	ଜଳଦ ଦୁଇ	ଘାସି ମାଝୀ, ପି.- ସୁକ୍ରା ମାଝୀ, ଗ୍ରା- ସିର୍ଲେ, ଜା- ନିକଟି	
୮ ଯୋତ	158	1.52	0.17	ଜଳଦ ଦୁଇ	ସରକାରୀ ଅନାବାଦୀ, ପି.- ରକ୍ଷିତ ଜଙ୍ଗଲ	
୯ ଯୋତ	711	0.35	0.35	ଜଳଦ ଦୁଇ	ସରକାରୀ ଖାସ	
	10	0.74	0.74	ଜଳଦ ଦୁଇ		
SEE NEXT PAGE
